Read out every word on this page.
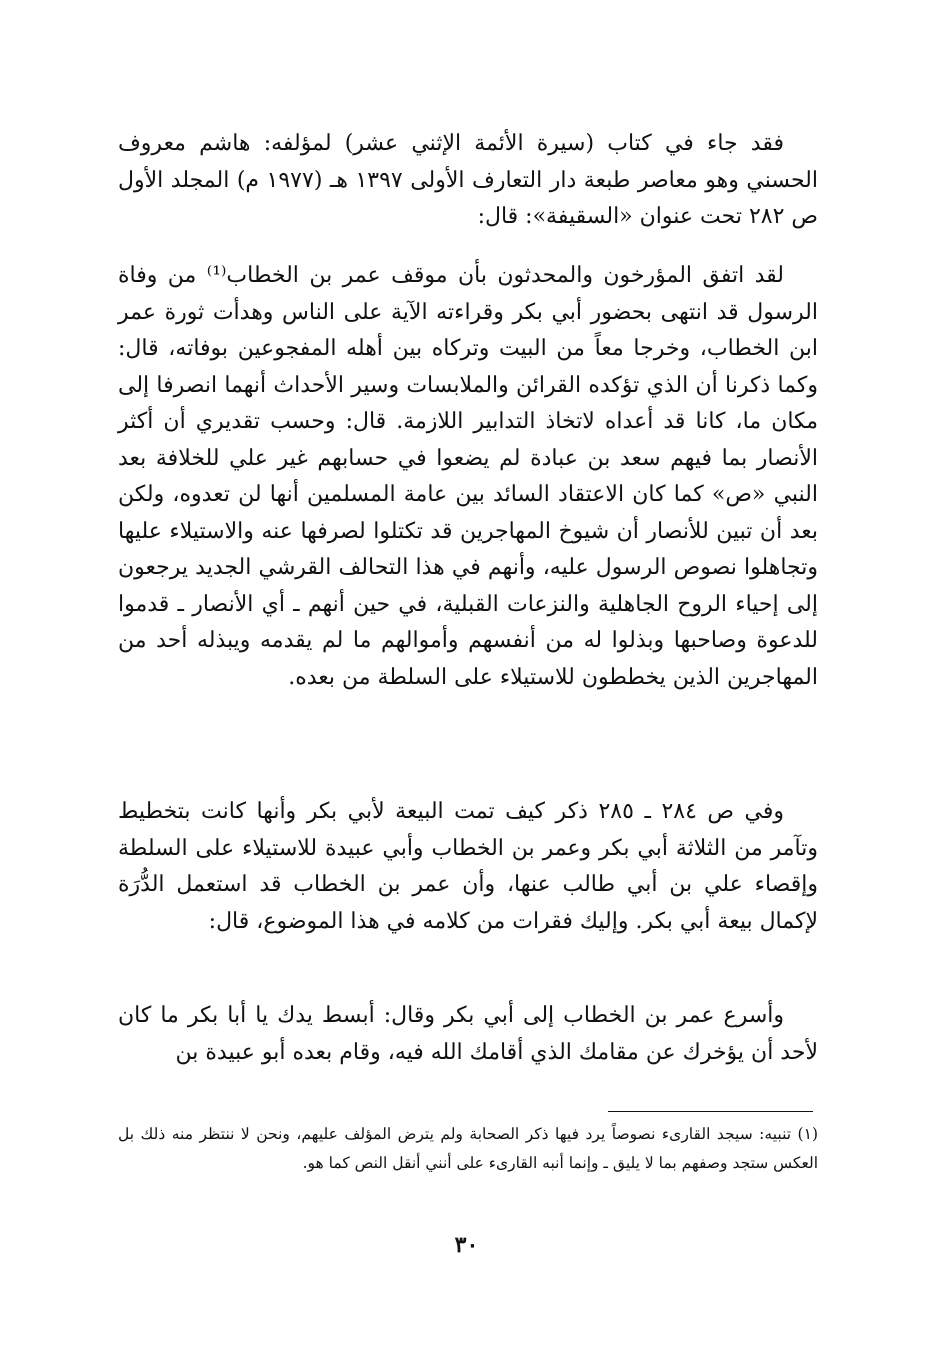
فقد جاء في كتاب (سيرة الأئمة الإثني عشر) لمؤلفه: هاشم معروف الحسني وهو معاصر طبعة دار التعارف الأولى ١٣٩٧ هـ (١٩٧٧ م) المجلد الأول ص ٢٨٢ تحت عنوان «السقيفة»: قال:

لقد اتفق المؤرخون والمحدثون بأن موقف عمر بن الخطاب⁽¹⁾ من وفاة الرسول قد انتهى بحضور أبي بكر وقراءته الآية على الناس وهدأت ثورة عمر ابن الخطاب، وخرجا معاً من البيت وتركاه بين أهله المفجوعين بوفاته، قال: وكما ذكرنا أن الذي تؤكده القرائن والملابسات وسير الأحداث أنهما انصرفا إلى مكان ما، كانا قد أعداه لاتخاذ التدابير اللازمة. قال: وحسب تقديري أن أكثر الأنصار بما فيهم سعد بن عبادة لم يضعوا في حسابهم غير علي للخلافة بعد النبي «ص» كما كان الاعتقاد السائد بين عامة المسلمين أنها لن تعدوه، ولكن بعد أن تبين للأنصار أن شيوخ المهاجرين قد تكتلوا لصرفها عنه والاستيلاء عليها وتجاهلوا نصوص الرسول عليه، وأنهم في هذا التحالف القرشي الجديد يرجعون إلى إحياء الروح الجاهلية والنزعات القبلية، في حين أنهم ـ أي الأنصار ـ قدموا للدعوة وصاحبها وبذلوا له من أنفسهم وأموالهم ما لم يقدمه ويبذله أحد من المهاجرين الذين يخططون للاستيلاء على السلطة من بعده.

وفي ص ٢٨٤ ـ ٢٨٥ ذكر كيف تمت البيعة لأبي بكر وأنها كانت بتخطيط وتآمر من الثلاثة أبي بكر وعمر بن الخطاب وأبي عبيدة للاستيلاء على السلطة وإقصاء علي بن أبي طالب عنها، وأن عمر بن الخطاب قد استعمل الدُّرَة لإكمال بيعة أبي بكر. وإليك فقرات من كلامه في هذا الموضوع، قال:

وأسرع عمر بن الخطاب إلى أبي بكر وقال: أبسط يدك يا أبا بكر ما كان لأحد أن يؤخرك عن مقامك الذي أقامك الله فيه، وقام بعده أبو عبيدة بن

(١) تنبيه: سيجد القارىء نصوصاً يرد فيها ذكر الصحابة ولم يترض المؤلف عليهم، ونحن لا ننتظر منه ذلك بل العكس ستجد وصفهم بما لا يليق ـ وإنما أنبه القارىء على أنني أنقل النص كما هو.

٣٠
